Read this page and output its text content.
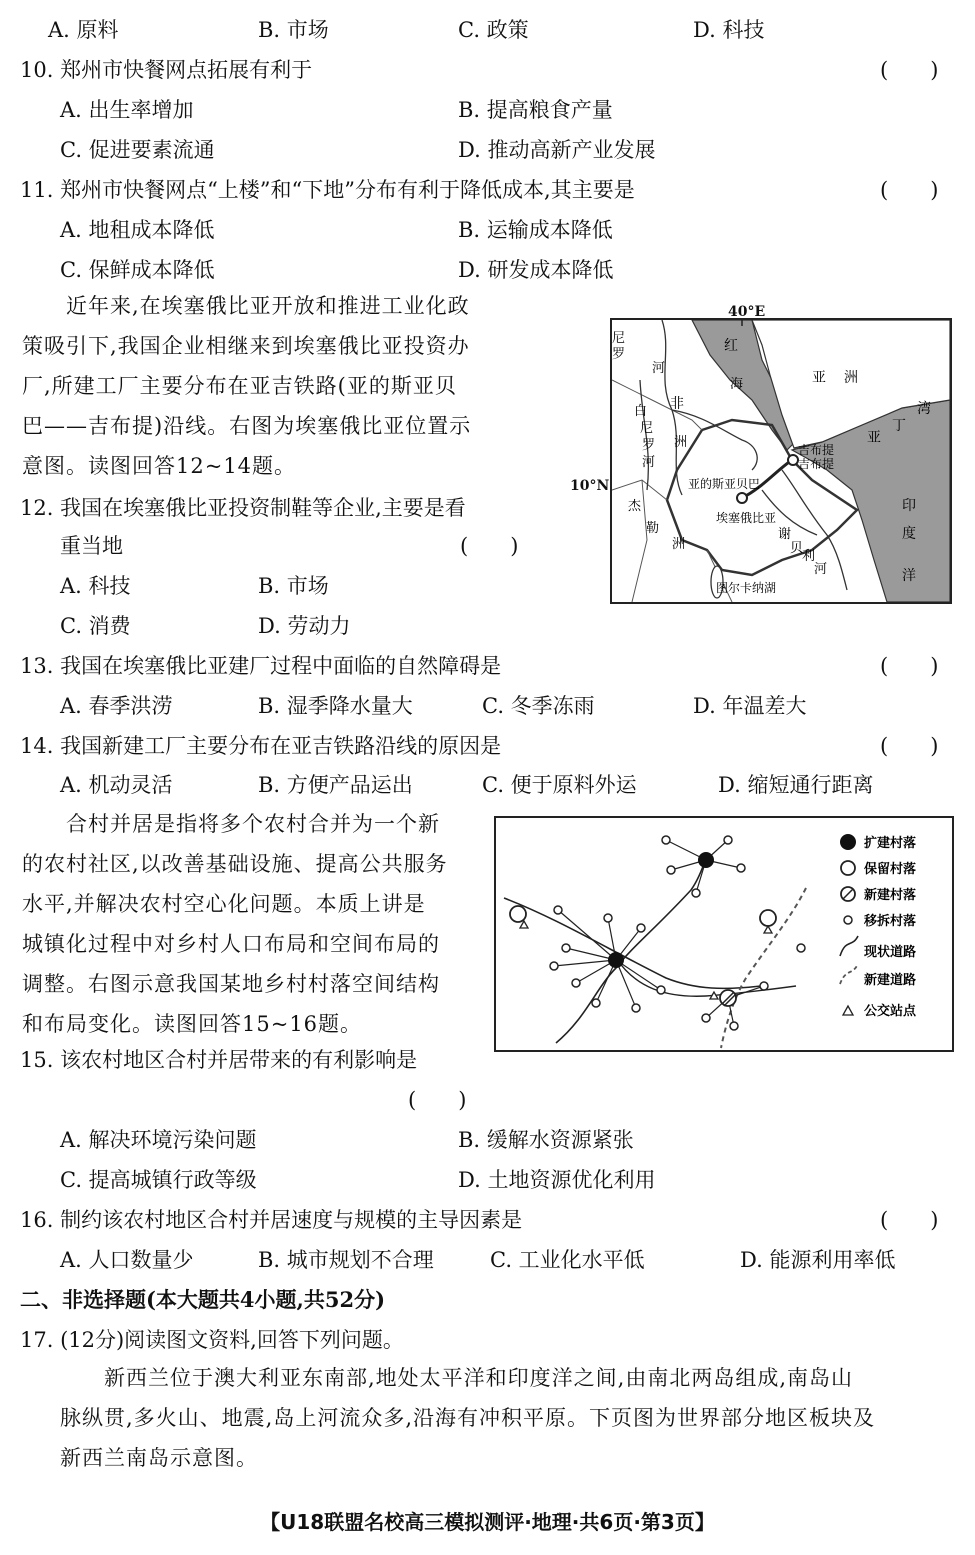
A. 原料	B. 市场	C. 政策	D. 科技
10. 郑州市快餐网点拓展有利于	(　　)
A. 出生率增加	B. 提高粮食产量
C. 促进要素流通	D. 推动高新产业发展
11. 郑州市快餐网点“上楼”和“下地”分布有利于降低成本,其主要是	(　　)
A. 地租成本降低	B. 运输成本降低
C. 保鲜成本降低	D. 研发成本降低
近年来,在埃塞俄比亚开放和推进工业化政
策吸引下,我国企业相继来到埃塞俄比亚投资办
厂,所建工厂主要分布在亚吉铁路(亚的斯亚贝
巴——吉布提)沿线。右图为埃塞俄比亚位置示
意图。读图回答12~14题。
尼
罗
河
非
白
尼
罗
河
洲
红
海	亚 洲
亚
丁
湾
吉布提
吉布提
亚的斯亚贝巴
埃塞俄比亚
谢
贝
利
河
印
度
洋
杰
勒
洲
图尔卡纳湖
40°E
10°N
12. 我国在埃塞俄比亚投资制鞋等企业,主要是看
重当地	(　　)
A. 科技	B. 市场
C. 消费	D. 劳动力
13. 我国在埃塞俄比亚建厂过程中面临的自然障碍是	(　　)
A. 春季洪涝	B. 湿季降水量大	C. 冬季冻雨	D. 年温差大
14. 我国新建工厂主要分布在亚吉铁路沿线的原因是	(　　)
A. 机动灵活	B. 方便产品运出	C. 便于原料外运	D. 缩短通行距离
合村并居是指将多个农村合并为一个新
的农村社区,以改善基础设施、提高公共服务
水平,并解决农村空心化问题。本质上讲是
城镇化过程中对乡村人口布局和空间布局的
调整。右图示意我国某地乡村村落空间结构
和布局变化。读图回答15~16题。
扩建村落
保留村落
新建村落
移拆村落
现状道路
新建道路
公交站点
15. 该农村地区合村并居带来的有利影响是
(　　)
A. 解决环境污染问题	B. 缓解水资源紧张
C. 提高城镇行政等级	D. 土地资源优化利用
16. 制约该农村地区合村并居速度与规模的主导因素是	(　　)
A. 人口数量少	B. 城市规划不合理	C. 工业化水平低	D. 能源利用率低
二、非选择题(本大题共4小题,共52分)
17. (12分)阅读图文资料,回答下列问题。
新西兰位于澳大利亚东南部,地处太平洋和印度洋之间,由南北两岛组成,南岛山
脉纵贯,多火山、地震,岛上河流众多,沿海有冲积平原。下页图为世界部分地区板块及
新西兰南岛示意图。
【U18联盟名校高三模拟测评·地理·共6页·第3页】
